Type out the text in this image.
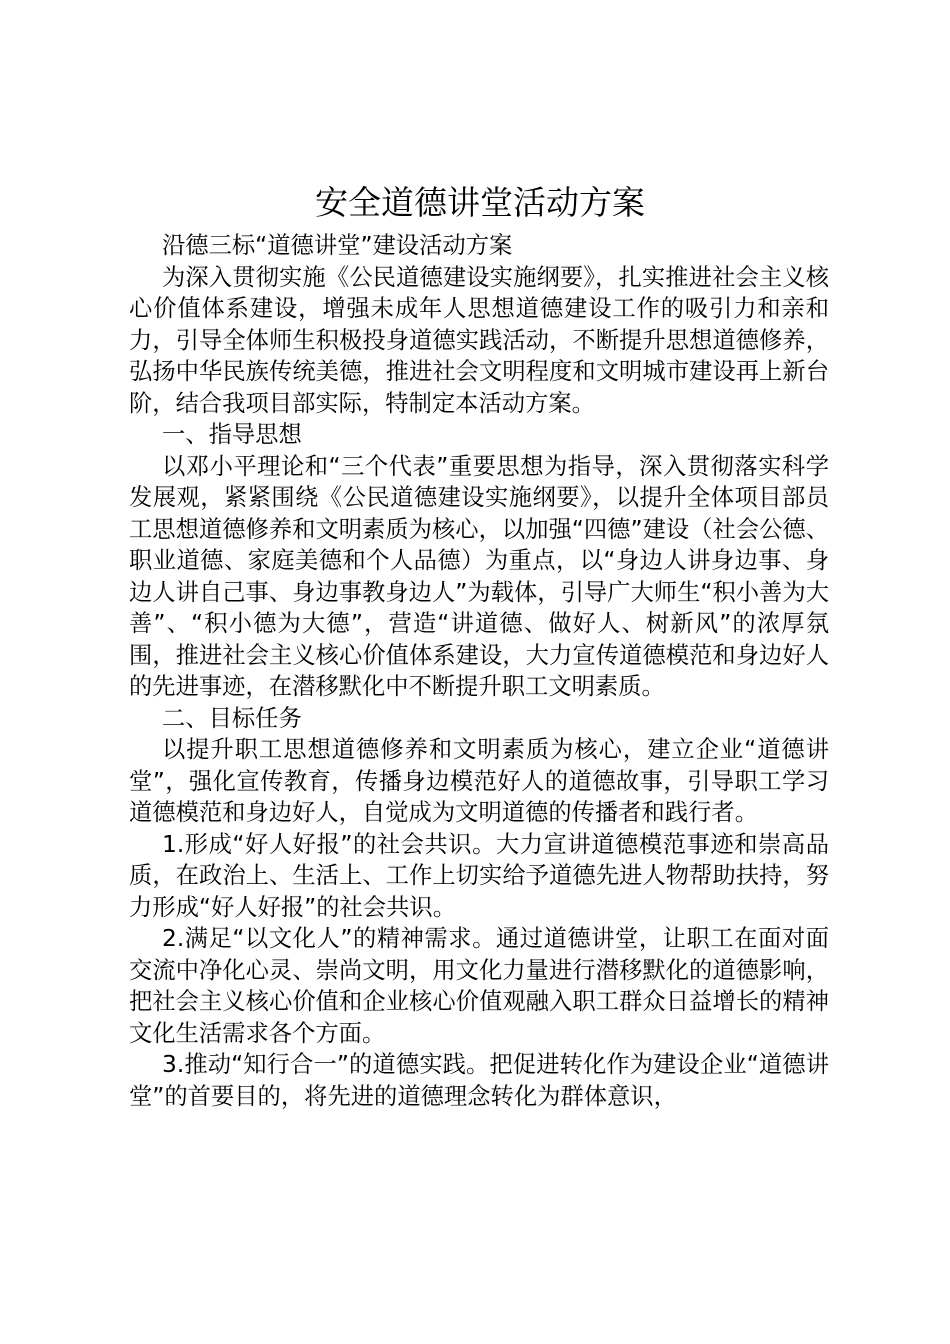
安全道德讲堂活动方案

沿德三标“道德讲堂”建设活动方案

为深入贯彻实施《公民道德建设实施纲要》，扎实推进社会主义核心价值体系建设，增强未成年人思想道德建设工作的吸引力和亲和力，引导全体师生积极投身道德实践活动，不断提升思想道德修养，弘扬中华民族传统美德，推进社会文明程度和文明城市建设再上新台阶，结合我项目部实际，特制定本活动方案。

一、指导思想

以邓小平理论和“三个代表”重要思想为指导，深入贯彻落实科学发展观，紧紧围绕《公民道德建设实施纲要》，以提升全体项目部员工思想道德修养和文明素质为核心，以加强“四德”建设（社会公德、职业道德、家庭美德和个人品德）为重点，以“身边人讲身边事、身边人讲自己事、身边事教身边人”为载体，引导广大师生“积小善为大善”、“积小德为大德”，营造“讲道德、做好人、树新风”的浓厚氛围，推进社会主义核心价值体系建设，大力宣传道德模范和身边好人的先进事迹，在潜移默化中不断提升职工文明素质。

二、目标任务

以提升职工思想道德修养和文明素质为核心，建立企业“道德讲堂”，强化宣传教育，传播身边模范好人的道德故事，引导职工学习道德模范和身边好人，自觉成为文明道德的传播者和践行者。

1.形成“好人好报”的社会共识。大力宣讲道德模范事迹和崇高品质，在政治上、生活上、工作上切实给予道德先进人物帮助扶持，努力形成“好人好报”的社会共识。

2.满足“以文化人”的精神需求。通过道德讲堂，让职工在面对面交流中净化心灵、崇尚文明，用文化力量进行潜移默化的道德影响，把社会主义核心价值和企业核心价值观融入职工群众日益增长的精神文化生活需求各个方面。

3.推动“知行合一”的道德实践。把促进转化作为建设企业“道德讲堂”的首要目的，将先进的道德理念转化为群体意识，
